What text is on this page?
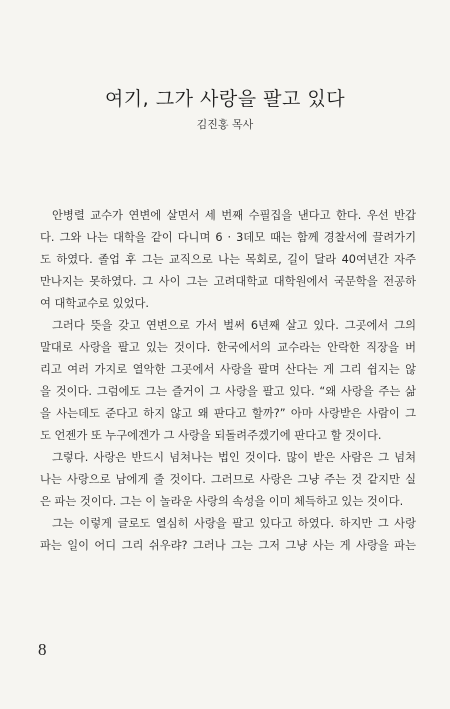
여기, 그가 사랑을 팔고 있다

김진홍 목사

안병렬 교수가 연변에 살면서 세 번째 수필집을 낸다고 한다. 우선 반갑
다. 그와 나는 대학을 같이 다니며 6 · 3데모 때는 함께 경찰서에 끌려가기
도 하였다. 졸업 후 그는 교직으로 나는 목회로, 길이 달라 40여년간 자주
만나지는 못하였다. 그 사이 그는 고려대학교 대학원에서 국문학을 전공하
여 대학교수로 있었다.
그러다 뜻을 갖고 연변으로 가서 벌써 6년째 살고 있다. 그곳에서 그의
말대로 사랑을 팔고 있는 것이다. 한국에서의 교수라는 안락한 직장을 버
리고 여러 가지로 열악한 그곳에서 사랑을 팔며 산다는 게 그리 쉽지는 않
을 것이다. 그럼에도 그는 즐거이 그 사랑을 팔고 있다. “왜 사랑을 주는 삶
을 사는데도 준다고 하지 않고 왜 판다고 할까?” 아마 사랑받은 사람이 그
도 언젠가 또 누구에겐가 그 사랑을 되돌려주겠기에 판다고 할 것이다.
그렇다. 사랑은 반드시 넘쳐나는 법인 것이다. 많이 받은 사람은 그 넘쳐
나는 사랑으로 남에게 줄 것이다. 그러므로 사랑은 그냥 주는 것 같지만 실
은 파는 것이다. 그는 이 놀라운 사랑의 속성을 이미 체득하고 있는 것이다.
그는 이렇게 글로도 열심히 사랑을 팔고 있다고 하였다. 하지만 그 사랑
파는 일이 어디 그리 쉬우랴? 그러나 그는 그저 그냥 사는 게 사랑을 파는

8
